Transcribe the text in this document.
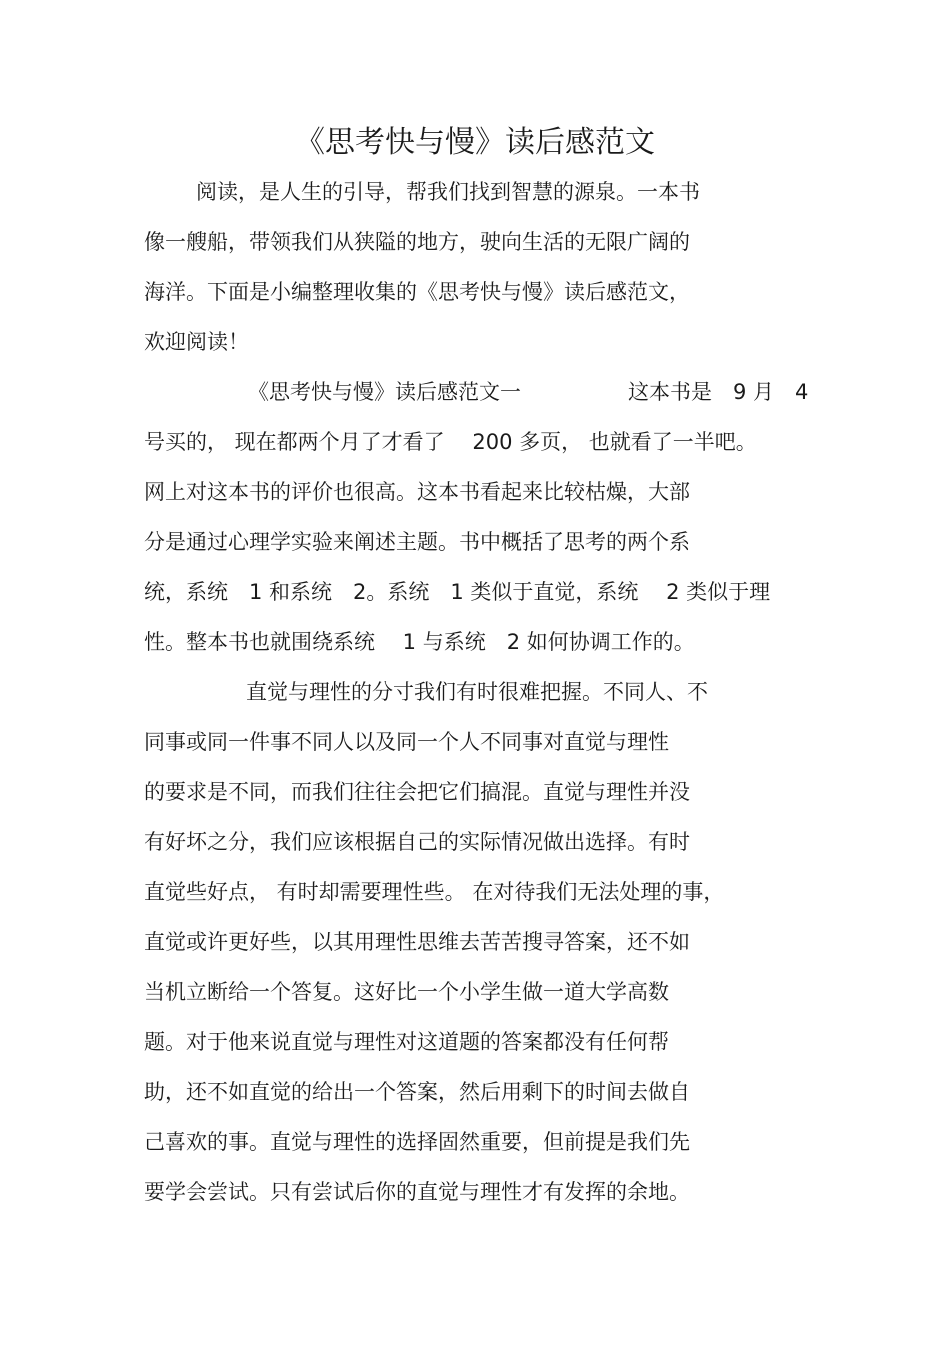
《思考快与慢》读后感范文
阅读，是人生的引导，帮我们找到智慧的源泉。一本书
像一艘船，带领我们从狭隘的地方，驶向生活的无限广阔的
海洋。下面是小编整理收集的《思考快与慢》读后感范文，
欢迎阅读！
《思考快与慢》读后感范文一	这本书是　9 月　4
号买的， 现在都两个月了才看了　 200 多页， 也就看了一半吧。
网上对这本书的评价也很高。这本书看起来比较枯燥，大部
分是通过心理学实验来阐述主题。书中概括了思考的两个系
统，系统　1 和系统　2。系统　1 类似于直觉，系统　 2 类似于理
性。整本书也就围绕系统　 1 与系统　2 如何协调工作的。
直觉与理性的分寸我们有时很难把握。不同人、不
同事或同一件事不同人以及同一个人不同事对直觉与理性
的要求是不同，而我们往往会把它们搞混。直觉与理性并没
有好坏之分，我们应该根据自己的实际情况做出选择。有时
直觉些好点， 有时却需要理性些。 在对待我们无法处理的事，
直觉或许更好些，以其用理性思维去苦苦搜寻答案，还不如
当机立断给一个答复。这好比一个小学生做一道大学高数
题。对于他来说直觉与理性对这道题的答案都没有任何帮
助，还不如直觉的给出一个答案，然后用剩下的时间去做自
己喜欢的事。直觉与理性的选择固然重要，但前提是我们先
要学会尝试。只有尝试后你的直觉与理性才有发挥的余地。
